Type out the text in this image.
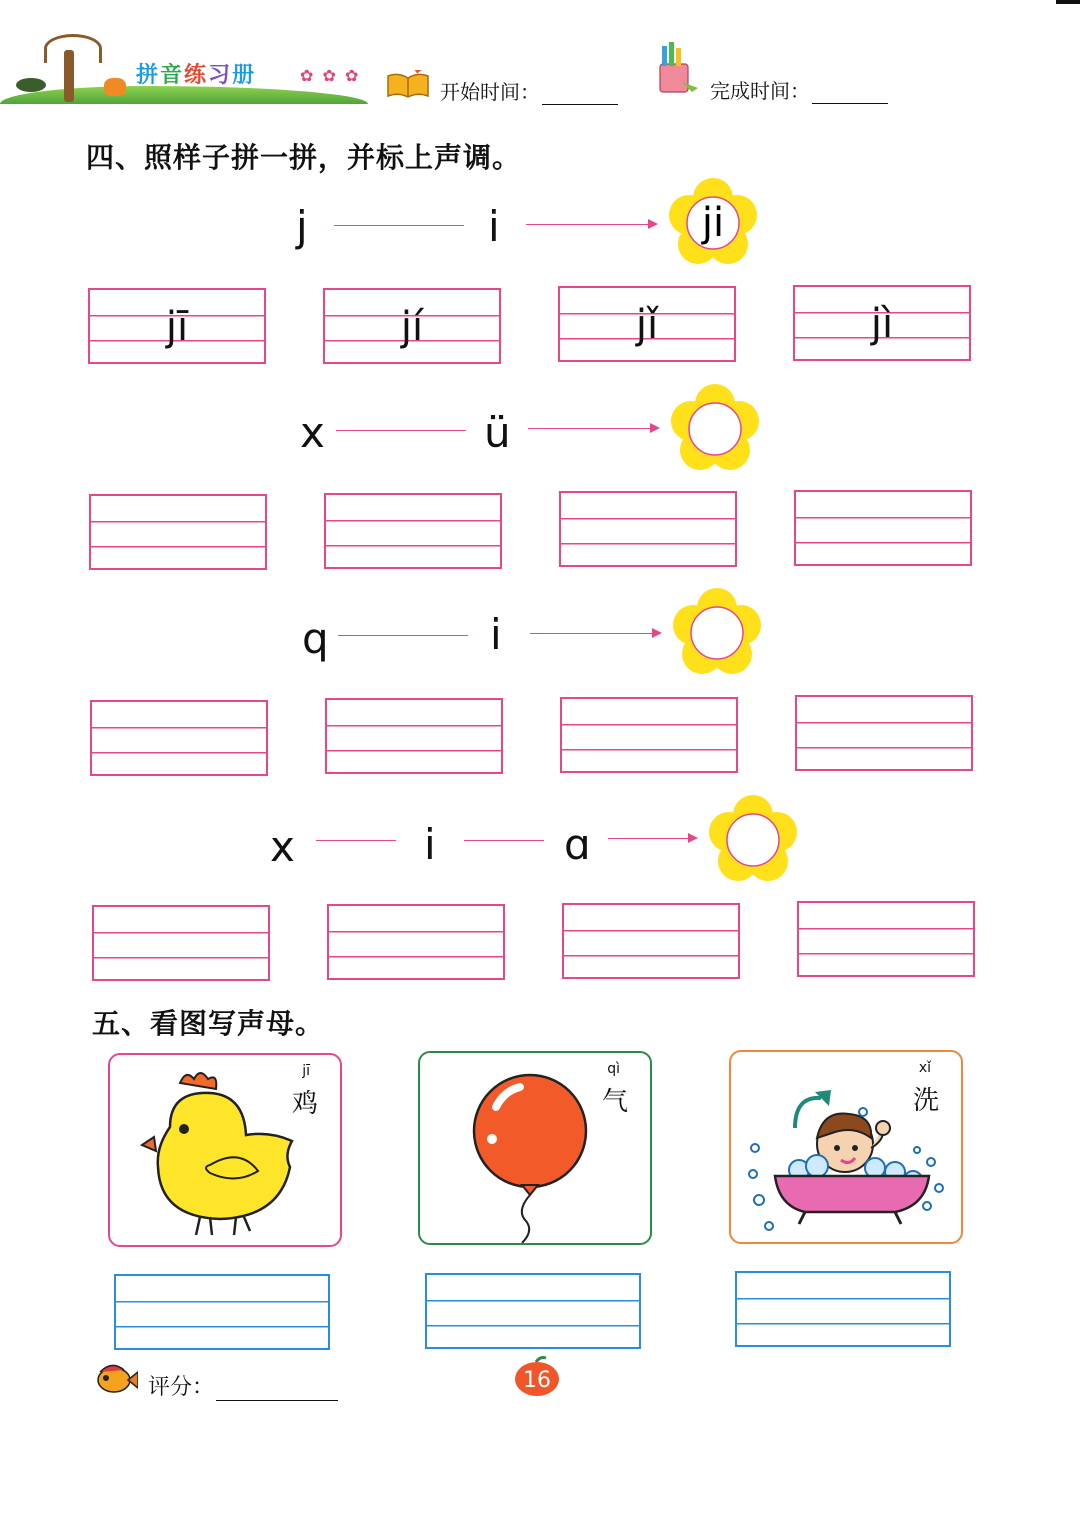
拼音练习册	✿ ✿ ✿
开始时间：	完成时间：
四、照样子拼一拼，并标上声调。
j	i	ji
jī	jí	jǐ	jì
x	ü
q	i
x	i	ɑ
五、看图写声母。
jī
鸡
qì
气
xǐ
洗
评分：	16
